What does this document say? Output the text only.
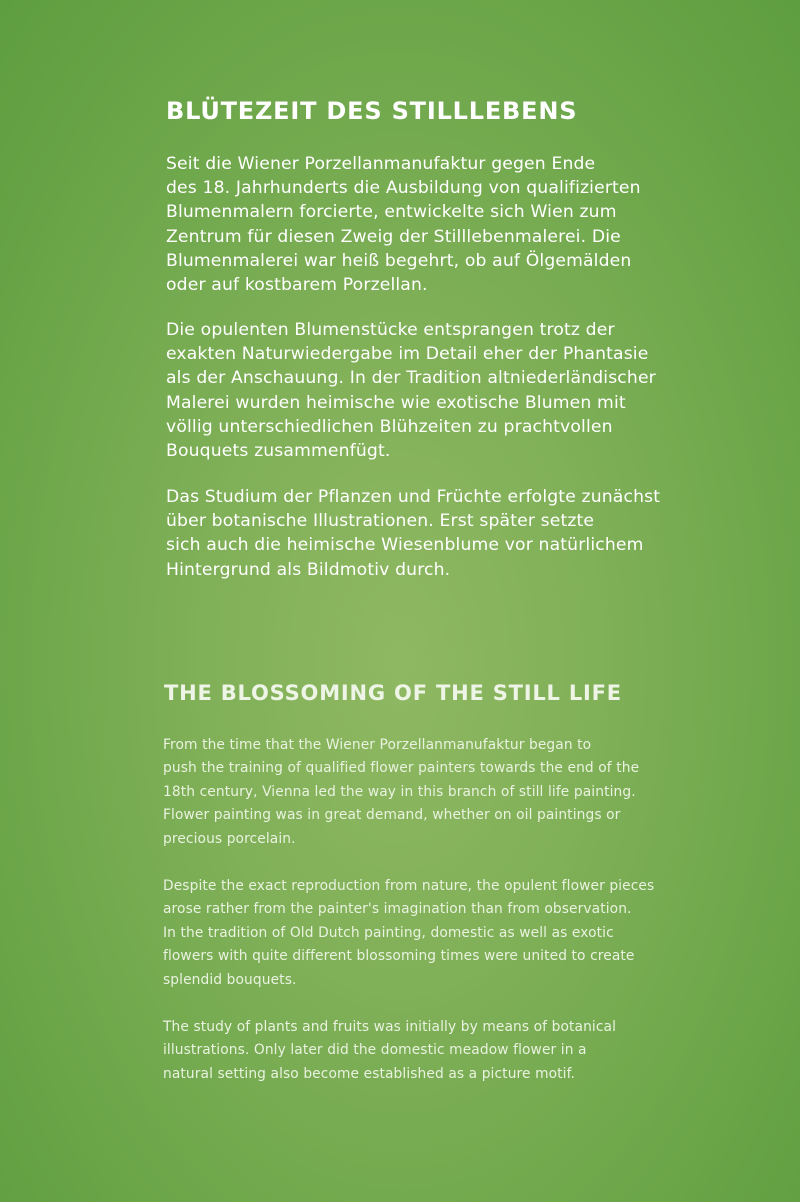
BLÜTEZEIT DES STILLLEBENS

Seit die Wiener Porzellanmanufaktur gegen Ende
des 18. Jahrhunderts die Ausbildung von qualifizierten
Blumenmalern forcierte, entwickelte sich Wien zum
Zentrum für diesen Zweig der Stilllebenmalerei. Die
Blumenmalerei war heiß begehrt, ob auf Ölgemälden
oder auf kostbarem Porzellan.

Die opulenten Blumenstücke entsprangen trotz der
exakten Naturwiedergabe im Detail eher der Phantasie
als der Anschauung. In der Tradition altniederländischer
Malerei wurden heimische wie exotische Blumen mit
völlig unterschiedlichen Blühzeiten zu prachtvollen
Bouquets zusammenfügt.

Das Studium der Pflanzen und Früchte erfolgte zunächst
über botanische Illustrationen. Erst später setzte
sich auch die heimische Wiesenblume vor natürlichem
Hintergrund als Bildmotiv durch.

THE BLOSSOMING OF THE STILL LIFE

From the time that the Wiener Porzellanmanufaktur began to
push the training of qualified flower painters towards the end of the
18th century, Vienna led the way in this branch of still life painting.
Flower painting was in great demand, whether on oil paintings or
precious porcelain.

Despite the exact reproduction from nature, the opulent flower pieces
arose rather from the painter's imagination than from observation.
In the tradition of Old Dutch painting, domestic as well as exotic
flowers with quite different blossoming times were united to create
splendid bouquets.

The study of plants and fruits was initially by means of botanical
illustrations. Only later did the domestic meadow flower in a
natural setting also become established as a picture motif.
